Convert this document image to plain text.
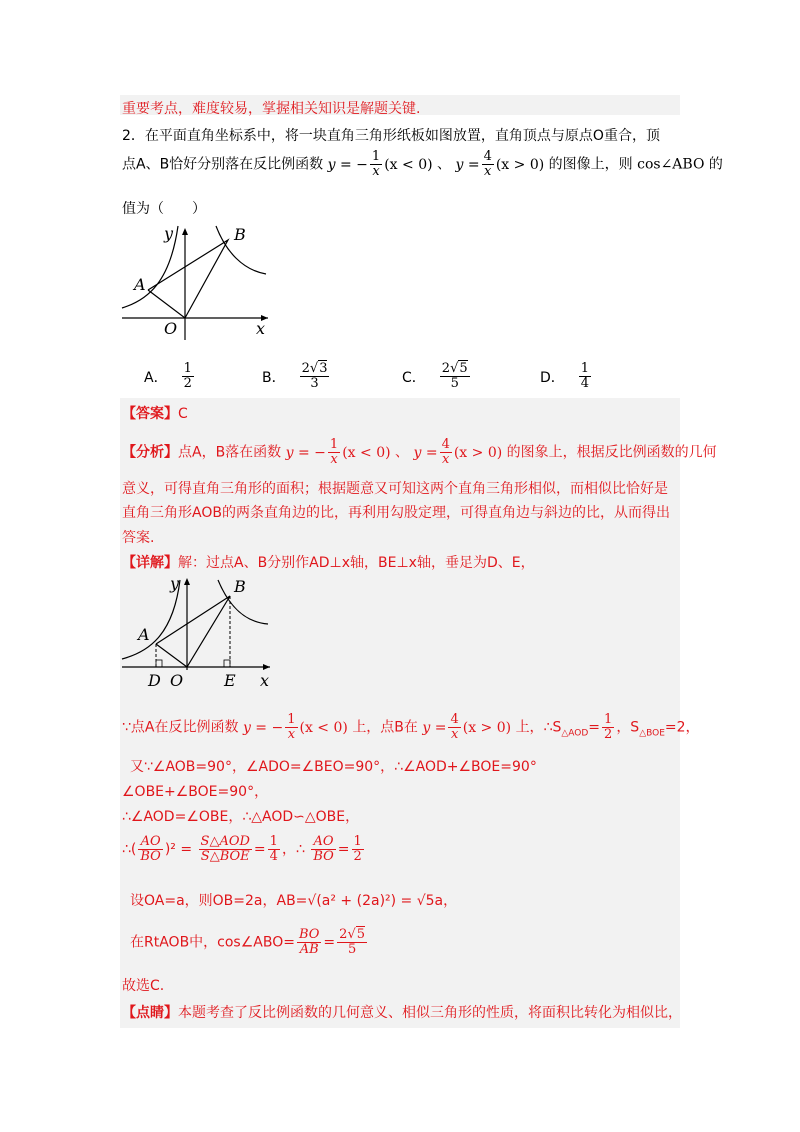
重要考点，难度较易，掌握相关知识是解题关键.
2．在平面直角坐标系中，将一块直角三角形纸板如图放置，直角顶点与原点O重合，顶
点A、B恰好分别落在反比例函数 y = − $\frac{1}{x} (x < 0)$ 、 $y = \frac{4}{x} (x > 0)$ 的图像上，则 cos∠ABO 的
值为（　　）
y	B
A
O	x
A． $\frac{1}{2}$	B． $\frac{2√3}{3}$	C． $\frac{2√5}{5}$	D． $\frac{1}{4}$
【答案】C
【分析】点A，B落在函数 y = − $\frac{1}{x} (x < 0)$ 、 $y = \frac{4}{x} (x > 0)$ 的图象上，根据反比例函数的几何
意义，可得直角三角形的面积；根据题意又可知这两个直角三角形相似，而相似比恰好是
直角三角形AOB的两条直角边的比，再利用勾股定理，可得直角边与斜边的比，从而得出
答案.
【详解】解：过点A、B分别作AD⊥x轴，BE⊥x轴，垂足为D、E，
y	B
A
D O	E x
∵点A在反比例函数 y = − $\frac{1}{x} (x < 0)$ 上，点B在 $y = \frac{4}{x} (x > 0)$ 上，$\therefore S_{\triangle AOD}= \frac{1}{2}$ ，$S_{\triangle BOE}=2$，
又∵∠AOB=90°，∠ADO=∠BEO=90°，∴∠AOD+∠BOE=90°
∠OBE+∠BOE=90°，
∴∠AOD=∠OBE，∴△AOD∽△OBE，
∴( $\frac{AO}{BO} )^2 = \frac{\text{S△AOD}}{\text{S△BOE}} = \frac{1}{4}$ ，∴ $\frac{AO}{BO} = \frac{1}{2}$
设OA=a，则OB=2a，AB=√(a² + (2a)²) = √5a，
在RtAOB中，cos∠ABO= $\frac{BO}{AB} = \frac{2√5}{5}$
故选C.
【点睛】本题考查了反比例函数的几何意义、相似三角形的性质，将面积比转化为相似比，
